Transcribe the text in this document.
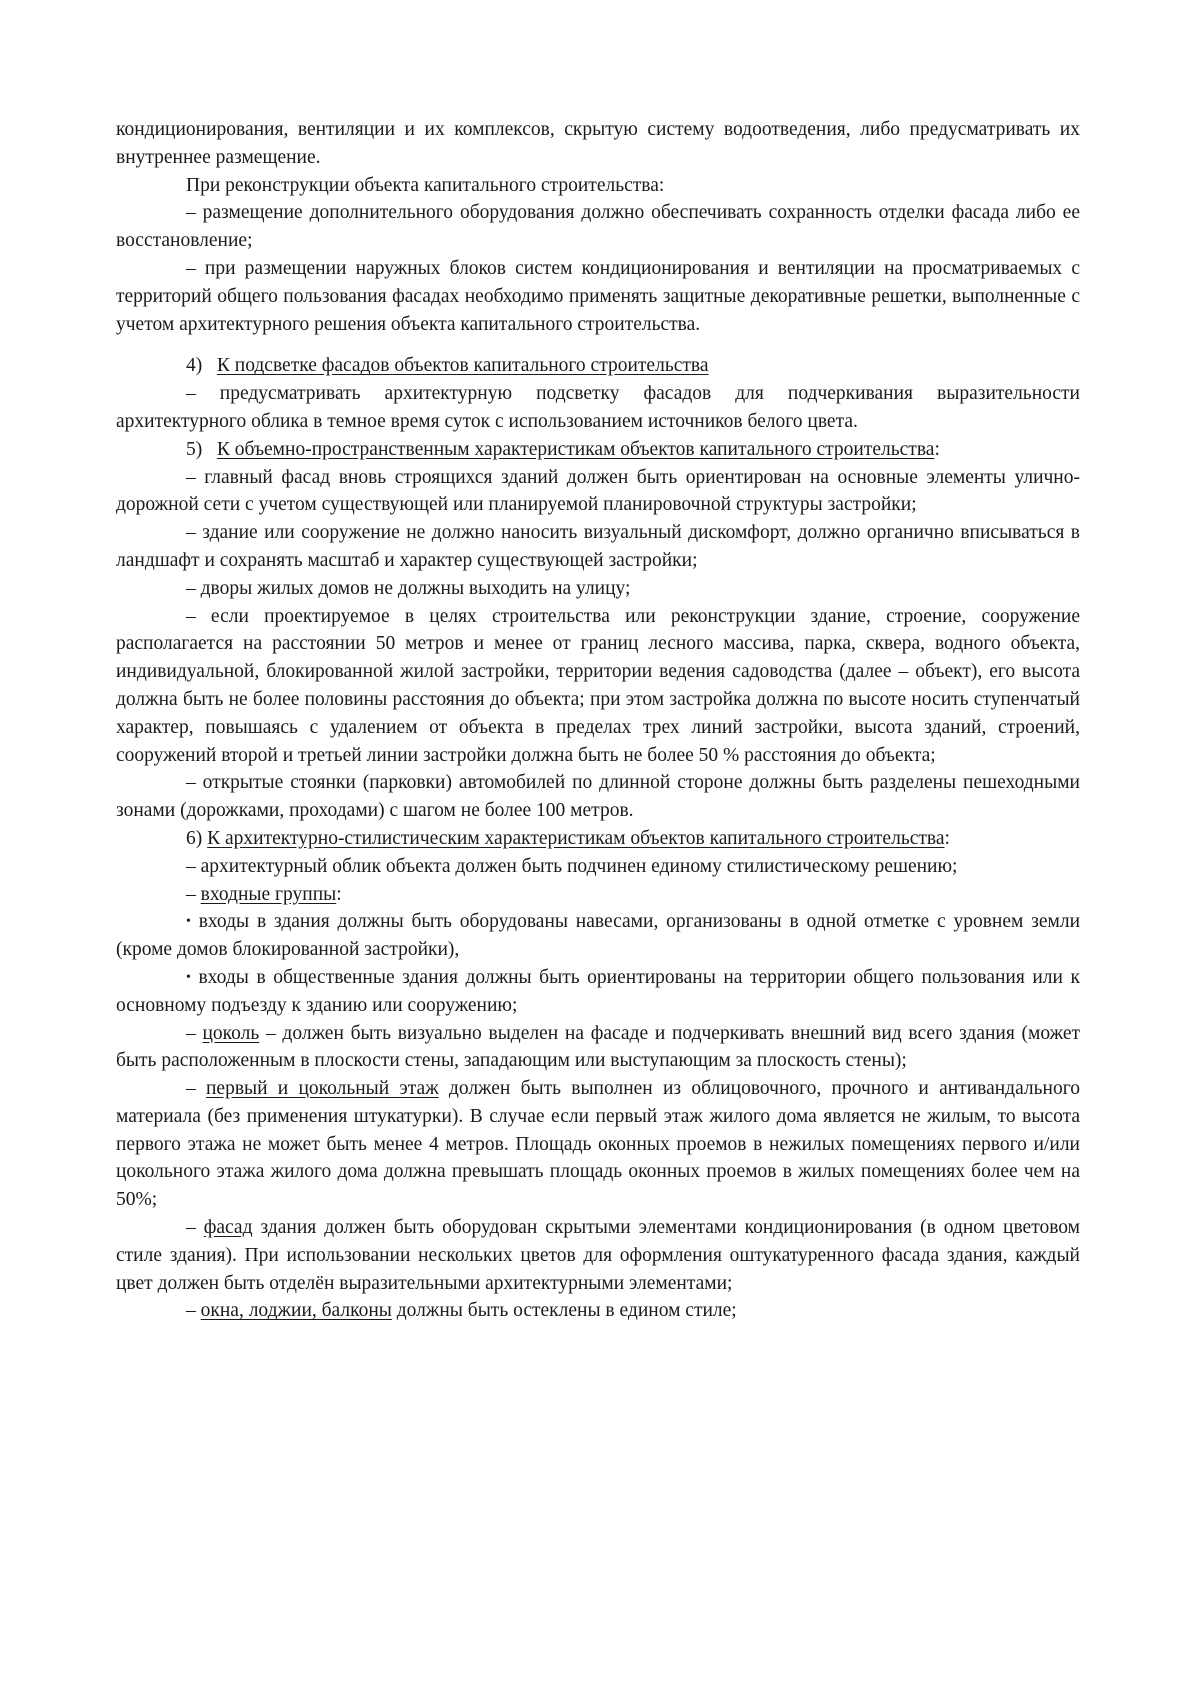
кондиционирования, вентиляции и их комплексов, скрытую систему водоотведения, либо предусматривать их внутреннее размещение.

При реконструкции объекта капитального строительства:

– размещение дополнительного оборудования должно обеспечивать сохранность отделки фасада либо ее восстановление;

– при размещении наружных блоков систем кондиционирования и вентиляции на просматриваемых с территорий общего пользования фасадах необходимо применять защитные декоративные решетки, выполненные с учетом архитектурного решения объекта капитального строительства.

4) К подсветке фасадов объектов капитального строительства

– предусматривать архитектурную подсветку фасадов для подчеркивания выразительности архитектурного облика в темное время суток с использованием источников белого цвета.

5) К объемно-пространственным характеристикам объектов капитального строительства:

– главный фасад вновь строящихся зданий должен быть ориентирован на основные элементы улично-дорожной сети с учетом существующей или планируемой планировочной структуры застройки;

– здание или сооружение не должно наносить визуальный дискомфорт, должно органично вписываться в ландшафт и сохранять масштаб и характер существующей застройки;

– дворы жилых домов не должны выходить на улицу;

– если проектируемое в целях строительства или реконструкции здание, строение, сооружение располагается на расстоянии 50 метров и менее от границ лесного массива, парка, сквера, водного объекта, индивидуальной, блокированной жилой застройки, территории ведения садоводства (далее – объект), его высота должна быть не более половины расстояния до объекта; при этом застройка должна по высоте носить ступенчатый характер, повышаясь с удалением от объекта в пределах трех линий застройки, высота зданий, строений, сооружений второй и третьей линии застройки должна быть не более 50 % расстояния до объекта;

– открытые стоянки (парковки) автомобилей по длинной стороне должны быть разделены пешеходными зонами (дорожками, проходами) с шагом не более 100 метров.

6) К архитектурно-стилистическим характеристикам объектов капитального строительства:

– архитектурный облик объекта должен быть подчинен единому стилистическому решению;

– входные группы:

• входы в здания должны быть оборудованы навесами, организованы в одной отметке с уровнем земли (кроме домов блокированной застройки),

• входы в общественные здания должны быть ориентированы на территории общего пользования или к основному подъезду к зданию или сооружению;

– цоколь – должен быть визуально выделен на фасаде и подчеркивать внешний вид всего здания (может быть расположенным в плоскости стены, западающим или выступающим за плоскость стены);

– первый и цокольный этаж должен быть выполнен из облицовочного, прочного и антивандального материала (без применения штукатурки). В случае если первый этаж жилого дома является не жилым, то высота первого этажа не может быть менее 4 метров. Площадь оконных проемов в нежилых помещениях первого и/или цокольного этажа жилого дома должна превышать площадь оконных проемов в жилых помещениях более чем на 50%;

– фасад здания должен быть оборудован скрытыми элементами кондиционирования (в одном цветовом стиле здания). При использовании нескольких цветов для оформления оштукатуренного фасада здания, каждый цвет должен быть отделён выразительными архитектурными элементами;

– окна, лоджии, балконы должны быть остеклены в едином стиле;
